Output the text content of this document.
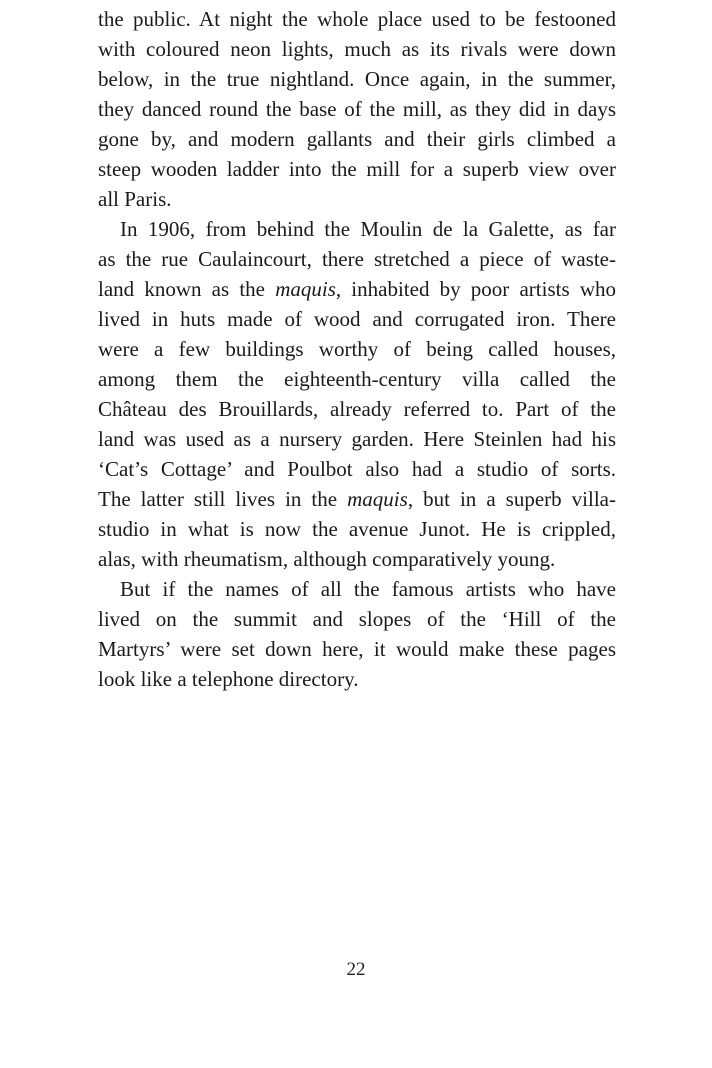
the public. At night the whole place used to be festooned
with coloured neon lights, much as its rivals were down
below, in the true nightland. Once again, in the summer,
they danced round the base of the mill, as they did in days
gone by, and modern gallants and their girls climbed a
steep wooden ladder into the mill for a superb view over
all Paris.
In 1906, from behind the Moulin de la Galette, as far
as the rue Caulaincourt, there stretched a piece of waste-
land known as the maquis, inhabited by poor artists who
lived in huts made of wood and corrugated iron. There
were a few buildings worthy of being called houses,
among them the eighteenth-century villa called the
Château des Brouillards, already referred to. Part of the
land was used as a nursery garden. Here Steinlen had his
‘Cat’s Cottage’ and Poulbot also had a studio of sorts.
The latter still lives in the maquis, but in a superb villa-
studio in what is now the avenue Junot. He is crippled,
alas, with rheumatism, although comparatively young.
But if the names of all the famous artists who have
lived on the summit and slopes of the ‘Hill of the
Martyrs’ were set down here, it would make these pages
look like a telephone directory.
22
